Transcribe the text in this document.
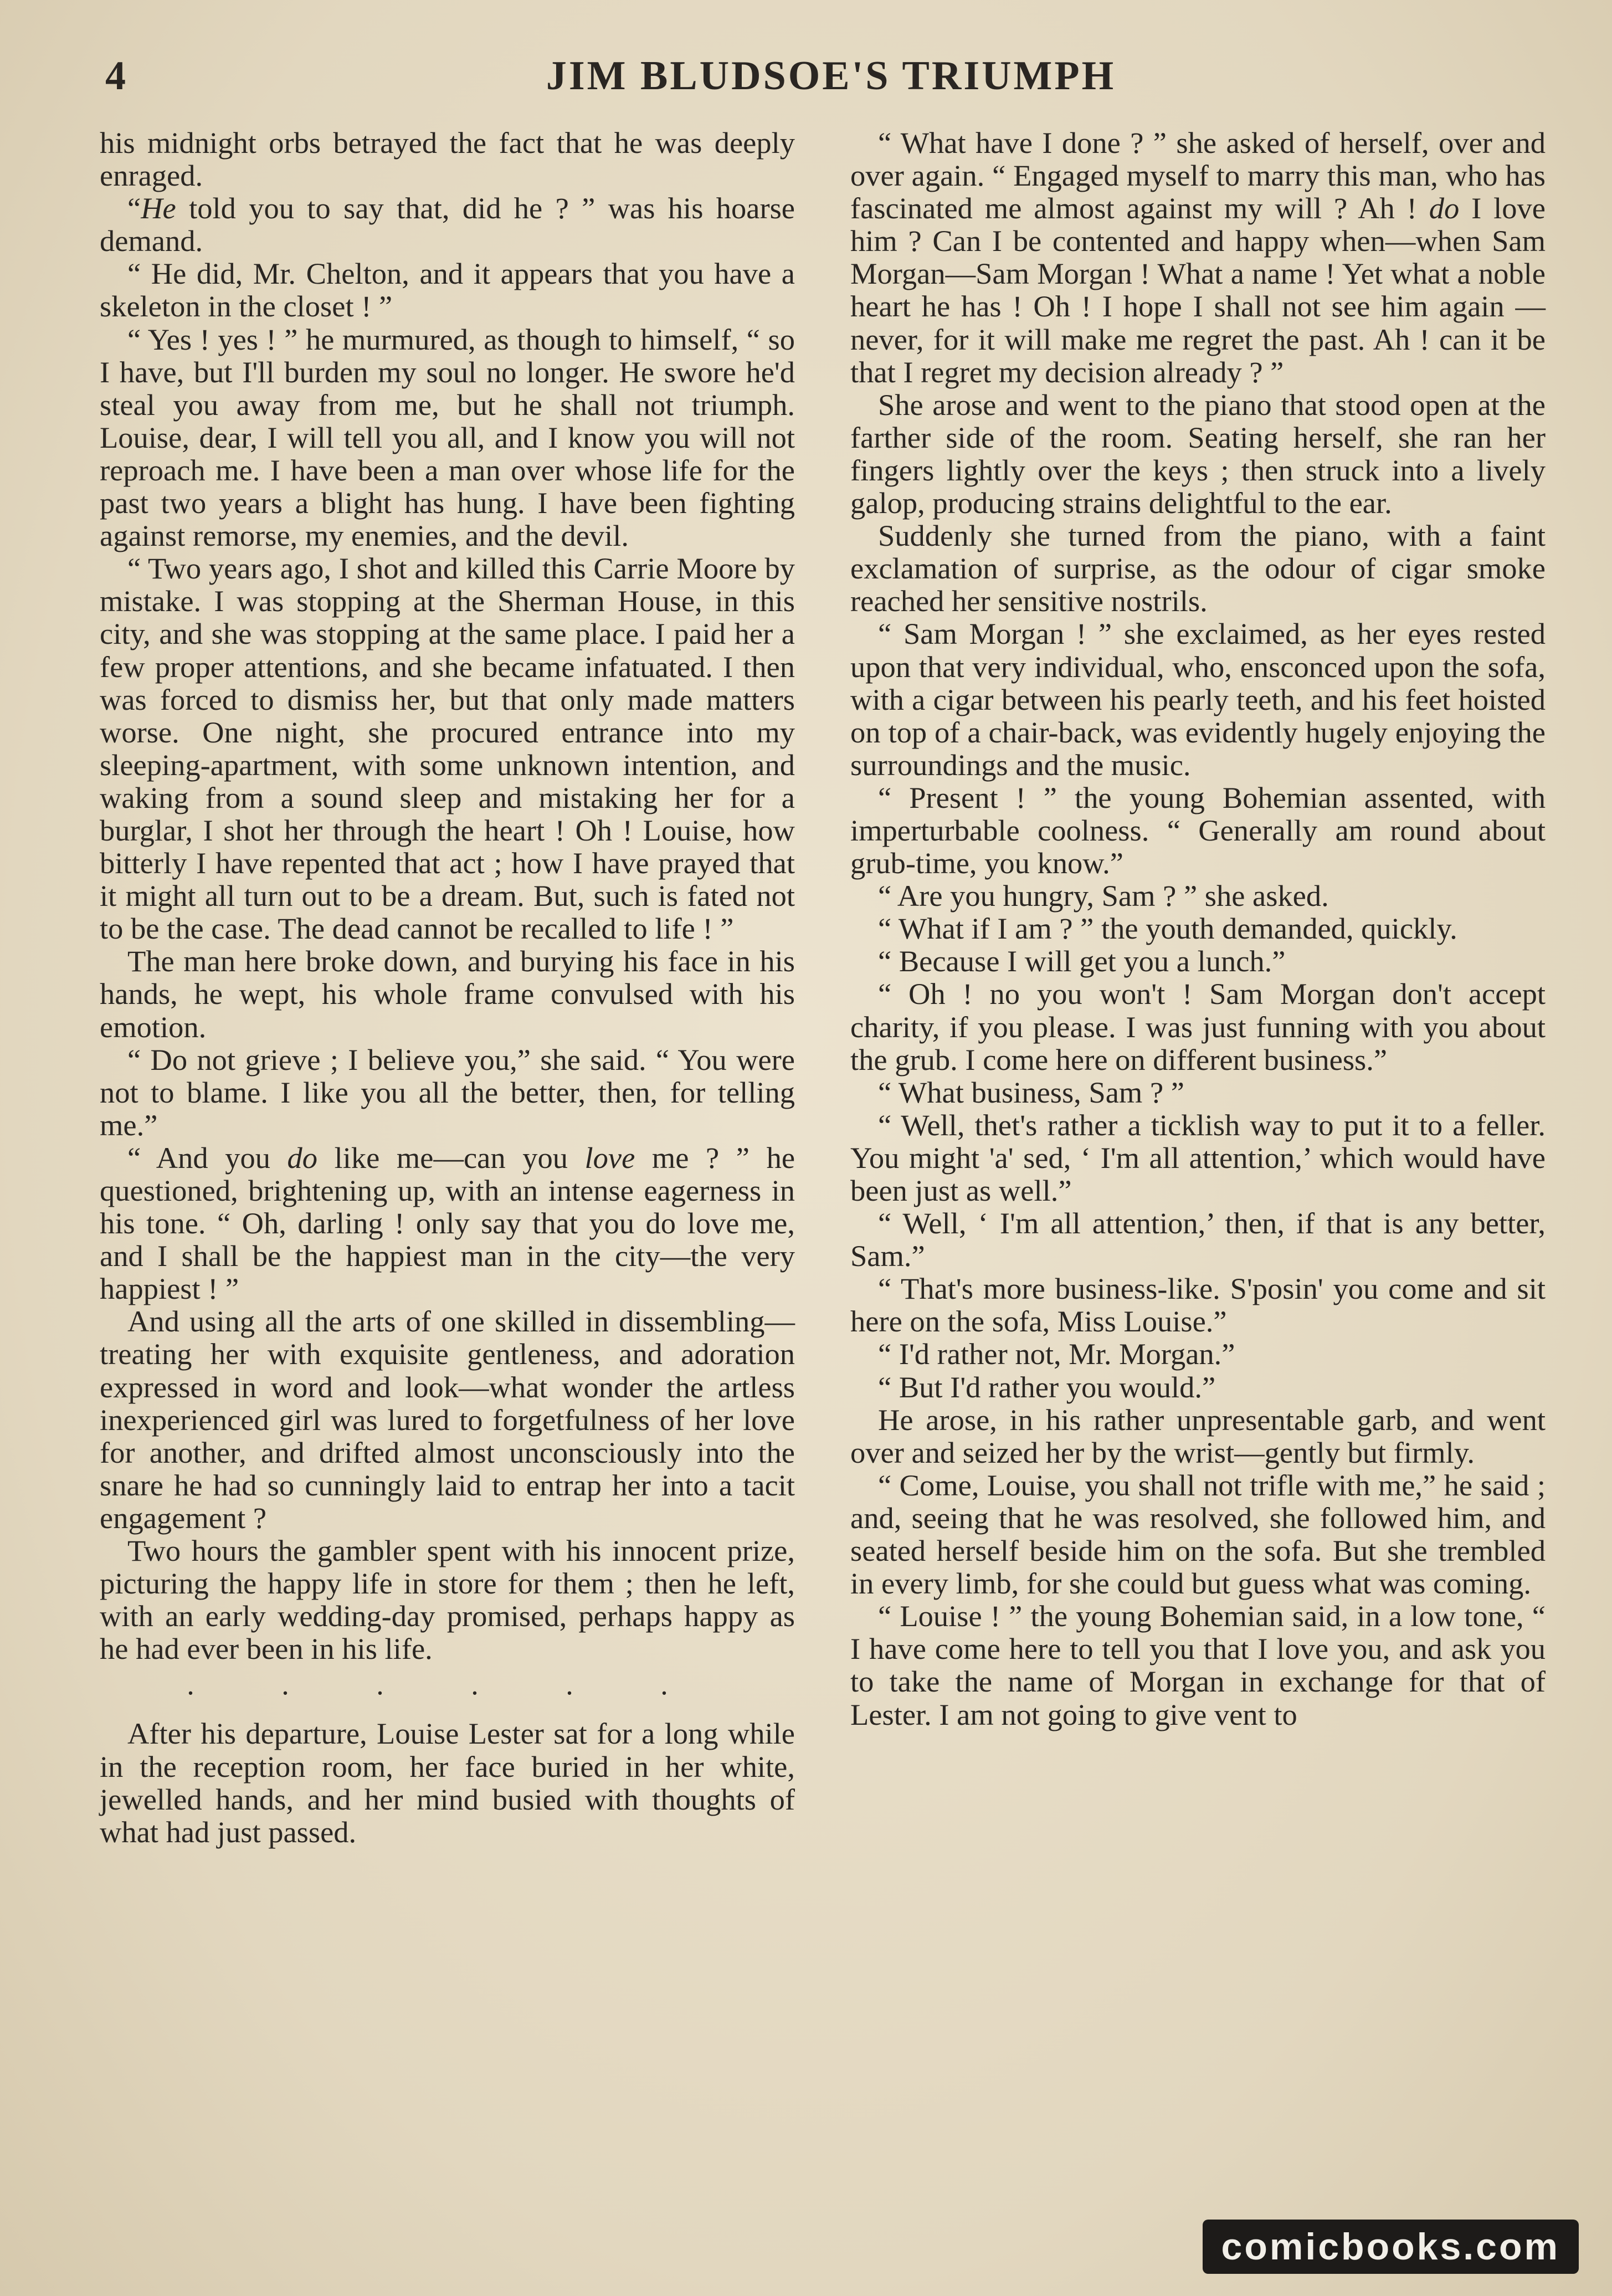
4	JIM BLUDSOE'S TRIUMPH

his midnight orbs betrayed the fact that he was deeply enraged.

“He told you to say that, did he ? ” was his hoarse demand.

“ He did, Mr. Chelton, and it appears that you have a skeleton in the closet ! ”

“ Yes ! yes ! ” he murmured, as though to himself, “ so I have, but I'll burden my soul no longer. He swore he'd steal you away from me, but he shall not triumph. Louise, dear, I will tell you all, and I know you will not reproach me. I have been a man over whose life for the past two years a blight has hung. I have been fighting against remorse, my enemies, and the devil.

“ Two years ago, I shot and killed this Carrie Moore by mistake. I was stopping at the Sherman House, in this city, and she was stopping at the same place. I paid her a few proper attentions, and she became infatuated. I then was forced to dismiss her, but that only made matters worse. One night, she procured entrance into my sleeping-apartment, with some unknown intention, and waking from a sound sleep and mistaking her for a burglar, I shot her through the heart ! Oh ! Louise, how bitterly I have repented that act ; how I have prayed that it might all turn out to be a dream. But, such is fated not to be the case. The dead cannot be recalled to life ! ”

The man here broke down, and burying his face in his hands, he wept, his whole frame convulsed with his emotion.

“ Do not grieve ; I believe you,” she said. “ You were not to blame. I like you all the better, then, for telling me.”

“ And you do like me—can you love me ? ” he questioned, brightening up, with an intense eagerness in his tone. “ Oh, darling ! only say that you do love me, and I shall be the happiest man in the city—the very happiest ! ”

And using all the arts of one skilled in dissembling—treating her with exquisite gentleness, and adoration expressed in word and look—what wonder the artless inexperienced girl was lured to forgetfulness of her love for another, and drifted almost unconsciously into the snare he had so cunningly laid to entrap her into a tacit engagement ?

Two hours the gambler spent with his innocent prize, picturing the happy life in store for them ; then he left, with an early wedding-day promised, perhaps happy as he had ever been in his life.

. . . . . .

After his departure, Louise Lester sat for a long while in the reception room, her face buried in her white, jewelled hands, and her mind busied with thoughts of what had just passed.

“ What have I done ? ” she asked of herself, over and over again. “ Engaged myself to marry this man, who has fascinated me almost against my will ? Ah ! do I love him ? Can I be contented and happy when—when Sam Morgan—Sam Morgan ! What a name ! Yet what a noble heart he has ! Oh ! I hope I shall not see him again —never, for it will make me regret the past. Ah ! can it be that I regret my decision already ? ”

She arose and went to the piano that stood open at the farther side of the room. Seating herself, she ran her fingers lightly over the keys ; then struck into a lively galop, producing strains delightful to the ear.

Suddenly she turned from the piano, with a faint exclamation of surprise, as the odour of cigar smoke reached her sensitive nostrils.

“ Sam Morgan ! ” she exclaimed, as her eyes rested upon that very individual, who, ensconced upon the sofa, with a cigar between his pearly teeth, and his feet hoisted on top of a chair-back, was evidently hugely enjoying the surroundings and the music.

“ Present ! ” the young Bohemian assented, with imperturbable coolness. “ Generally am round about grub-time, you know.”

“ Are you hungry, Sam ? ” she asked.

“ What if I am ? ” the youth demanded, quickly.

“ Because I will get you a lunch.”

“ Oh ! no you won't ! Sam Morgan don't accept charity, if you please. I was just funning with you about the grub. I come here on different business.”

“ What business, Sam ? ”

“ Well, thet's rather a ticklish way to put it to a feller. You might 'a' sed, ‘ I'm all attention,’ which would have been just as well.”

“ Well, ‘ I'm all attention,’ then, if that is any better, Sam.”

“ That's more business-like. S'posin' you come and sit here on the sofa, Miss Louise.”

“ I'd rather not, Mr. Morgan.”

“ But I'd rather you would.”

He arose, in his rather unpresentable garb, and went over and seized her by the wrist—gently but firmly.

“ Come, Louise, you shall not trifle with me,” he said ; and, seeing that he was resolved, she followed him, and seated herself beside him on the sofa. But she trembled in every limb, for she could but guess what was coming.

“ Louise ! ” the young Bohemian said, in a low tone, “ I have come here to tell you that I love you, and ask you to take the name of Morgan in exchange for that of Lester. I am not going to give vent to

comicbooks.com
